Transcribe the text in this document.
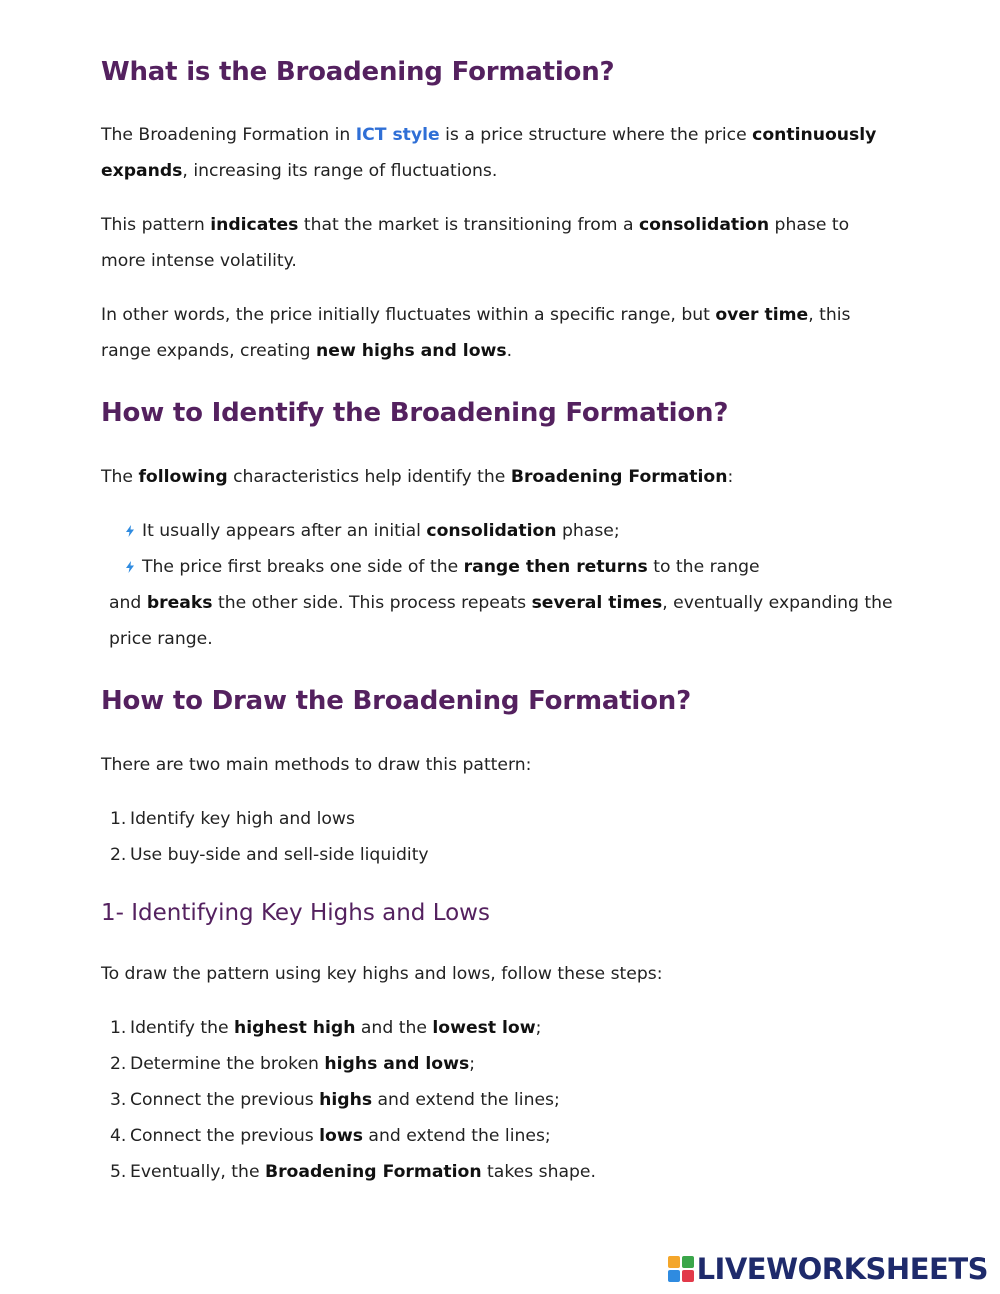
What is the Broadening Formation?

The Broadening Formation in ICT style is a price structure where the price continuously

expands, increasing its range of fluctuations.

This pattern indicates that the market is transitioning from a consolidation phase to

more intense volatility.

In other words, the price initially fluctuates within a specific range, but over time, this

range expands, creating new highs and lows.

How to Identify the Broadening Formation?

The following characteristics help identify the Broadening Formation:

It usually appears after an initial consolidation phase;

The price first breaks one side of the range then returns to the range

and breaks the other side. This process repeats several times, eventually expanding the

price range.

How to Draw the Broadening Formation?

There are two main methods to draw this pattern:

1. Identify key high and lows

2. Use buy-side and sell-side liquidity

1- Identifying Key Highs and Lows

To draw the pattern using key highs and lows, follow these steps:

1. Identify the highest high and the lowest low;

2. Determine the broken highs and lows;

3. Connect the previous highs and extend the lines;

4. Connect the previous lows and extend the lines;

5. Eventually, the Broadening Formation takes shape.

LIVEWORKSHEETS
